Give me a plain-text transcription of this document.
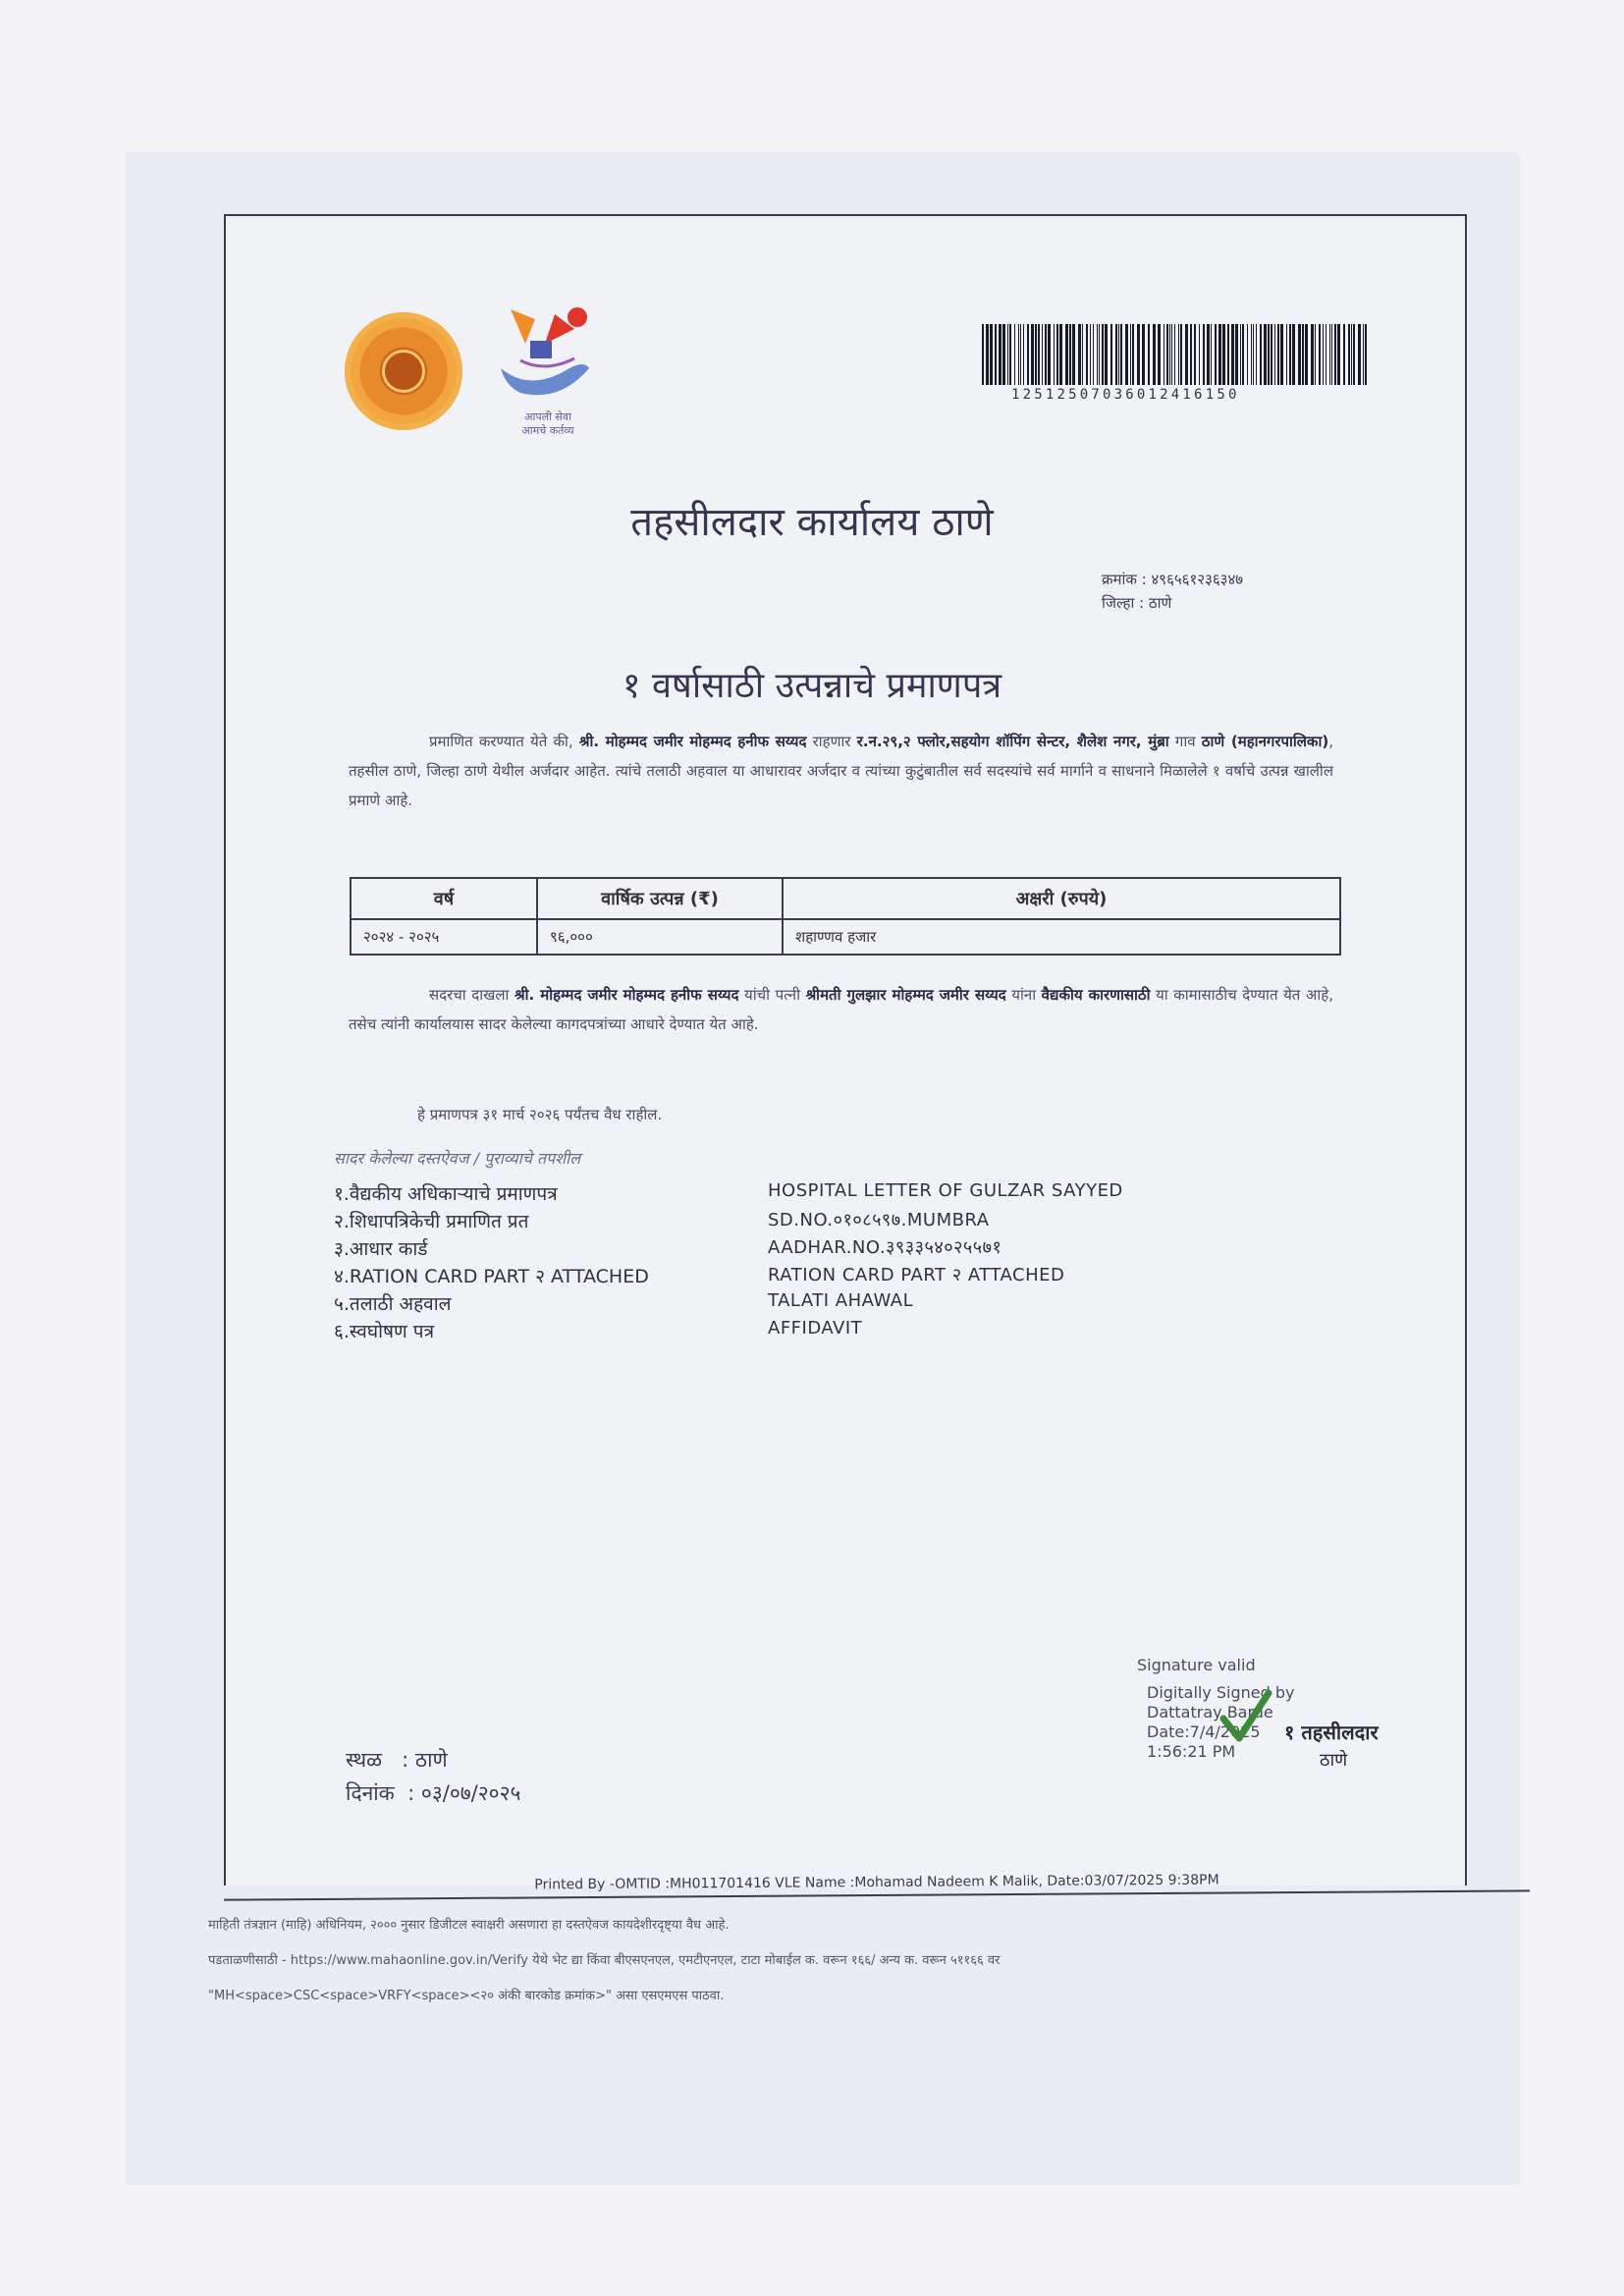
आपली सेवा
आमचे कर्तव्य
12512507036012416150
तहसीलदार कार्यालय ठाणे
क्रमांक : ४९६५६१२३६३४७
जिल्हा : ठाणे
१ वर्षासाठी उत्पन्नाचे प्रमाणपत्र
प्रमाणित करण्यात येते की, श्री. मोहम्मद जमीर मोहम्मद हनीफ सय्यद राहणार र.न.२९,२ फ्लोर,सहयोग शॉपिंग सेन्टर, शैलेश नगर, मुंब्रा गाव ठाणे (महानगरपालिका), तहसील ठाणे, जिल्हा ठाणे येथील अर्जदार आहेत. त्यांचे तलाठी अहवाल या आधारावर अर्जदार व त्यांच्या कुटुंबातील सर्व सदस्यांचे सर्व मार्गाने व साधनाने मिळालेले १ वर्षाचे उत्पन्न खालील प्रमाणे आहे.
वर्ष	वार्षिक उत्पन्न (₹)	अक्षरी (रुपये)
२०२४ - २०२५	९६,०००	शहाण्णव हजार
सदरचा दाखला श्री. मोहम्मद जमीर मोहम्मद हनीफ सय्यद यांची पत्नी श्रीमती गुलझार मोहम्मद जमीर सय्यद यांना वैद्यकीय कारणासाठी या कामासाठीच देण्यात येत आहे, तसेच त्यांनी कार्यालयास सादर केलेल्या कागदपत्रांच्या आधारे देण्यात येत आहे.
हे प्रमाणपत्र ३१ मार्च २०२६ पर्यंतच वैध राहील.
सादर केलेल्या दस्तऐवज / पुराव्याचे तपशील
१.वैद्यकीय अधिकाऱ्याचे प्रमाणपत्र	HOSPITAL LETTER OF GULZAR SAYYED
२.शिधापत्रिकेची प्रमाणित प्रत	SD.NO.०१०८५९७.MUMBRA
३.आधार कार्ड	AADHAR.NO.३९३३५४०२५५७१
४.RATION CARD PART २ ATTACHED	RATION CARD PART २ ATTACHED
५.तलाठी अहवाल	TALATI AHAWAL
६.स्वघोषण पत्र	AFFIDAVIT
Signature valid
Digitally Signed by Dattatray Barde
Date:7/4/2025 1:56:21 PM
१ तहसीलदार
ठाणे
स्थळ : ठाणे
दिनांक : ०३/०७/२०२५
Printed By -OMTID :MH011701416 VLE Name :Mohamad Nadeem K Malik, Date:03/07/2025 9:38PM
माहिती तंत्रज्ञान (माहि) अधिनियम, २००० नुसार डिजीटल स्वाक्षरी असणारा हा दस्तऐवज कायदेशीरदृष्ट्या वैध आहे.
पडताळणीसाठी - https://www.mahaonline.gov.in/Verify येथे भेट द्या किंवा बीएसएनएल, एमटीएनएल, टाटा मोबाईल क. वरून १६६/ अन्य क. वरून ५११६६ वर
"MH<space>CSC<space>VRFY<space><२० अंकी बारकोड क्रमांक>" असा एसएमएस पाठवा.
